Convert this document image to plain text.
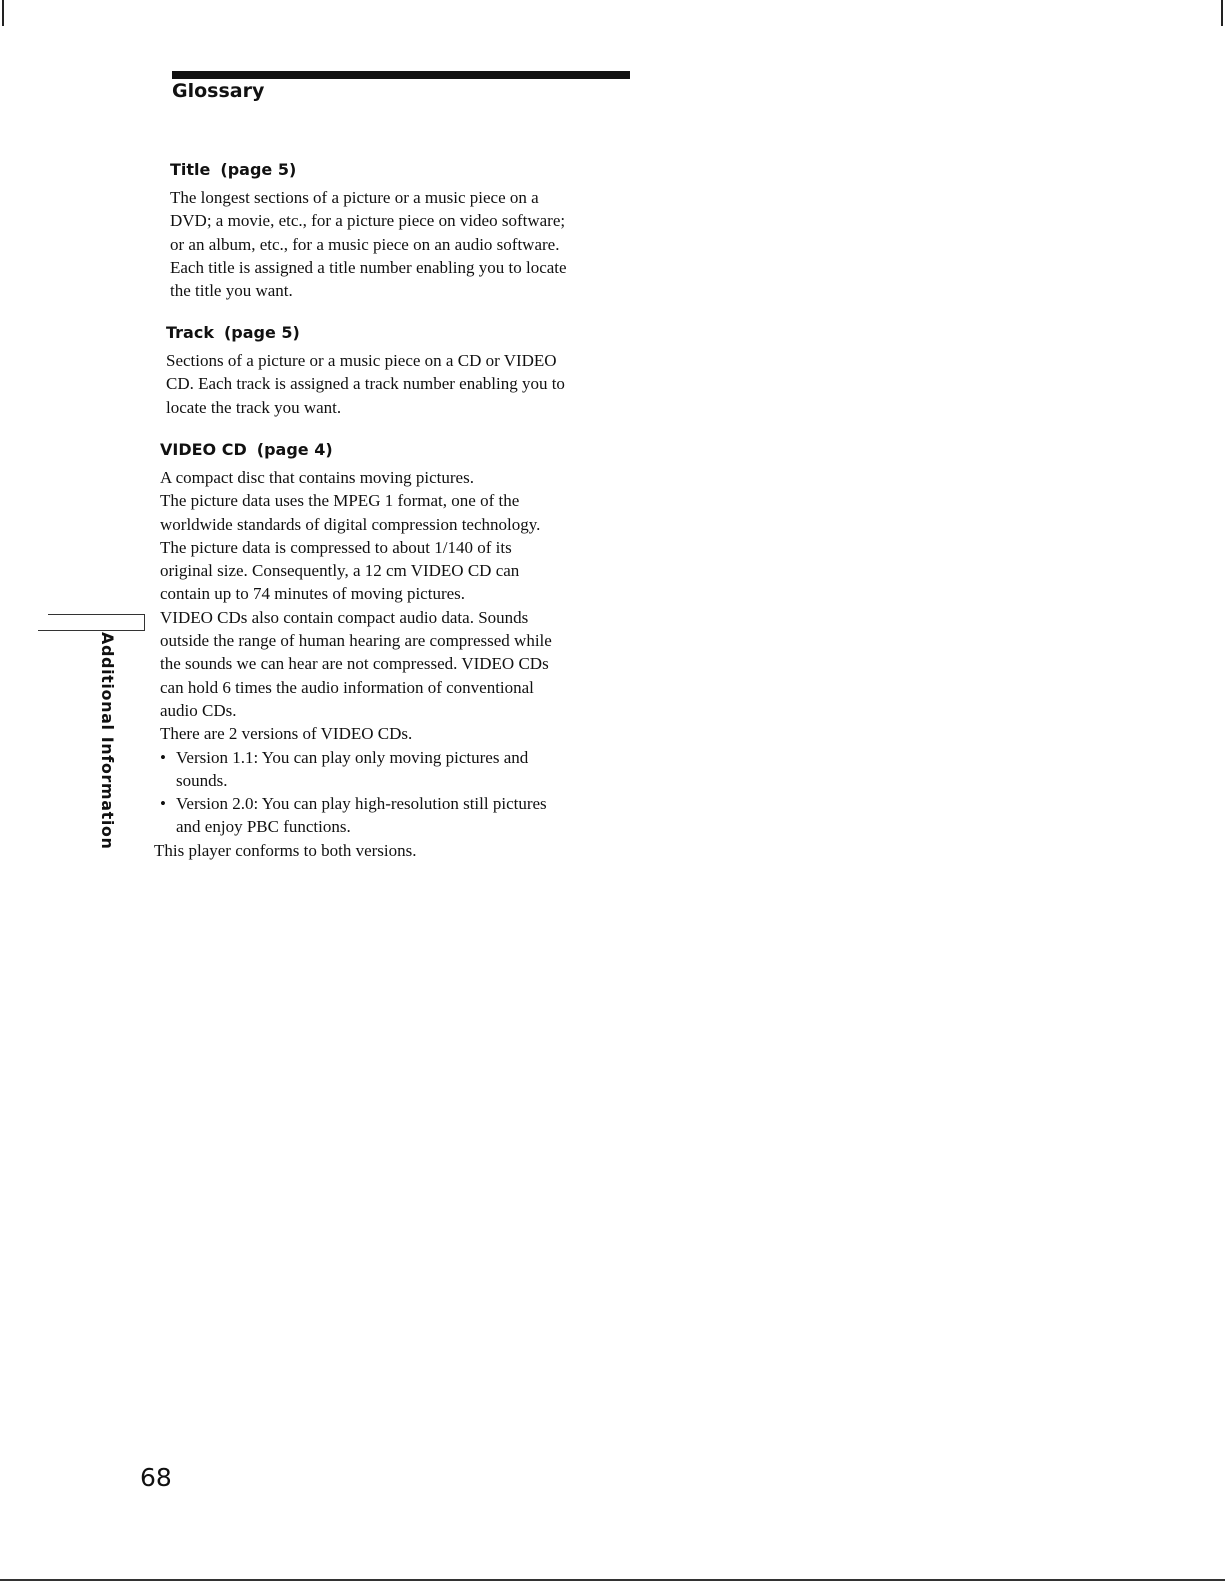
Glossary

Title (page 5)

The longest sections of a picture or a music piece on a

DVD; a movie, etc., for a picture piece on video software;

or an album, etc., for a music piece on an audio software.

Each title is assigned a title number enabling you to locate

the title you want.

Track (page 5)

Sections of a picture or a music piece on a CD or VIDEO

CD. Each track is assigned a track number enabling you to

locate the track you want.

VIDEO CD (page 4)

A compact disc that contains moving pictures.

The picture data uses the MPEG 1 format, one of the

worldwide standards of digital compression technology.

The picture data is compressed to about 1/140 of its

original size. Consequently, a 12 cm VIDEO CD can

contain up to 74 minutes of moving pictures.

VIDEO CDs also contain compact audio data. Sounds

outside the range of human hearing are compressed while

the sounds we can hear are not compressed. VIDEO CDs

can hold 6 times the audio information of conventional

audio CDs.

There are 2 versions of VIDEO CDs.

• Version 1.1: You can play only moving pictures and

sounds.

• Version 2.0: You can play high-resolution still pictures

and enjoy PBC functions.

This player conforms to both versions.

Additional Information
68
